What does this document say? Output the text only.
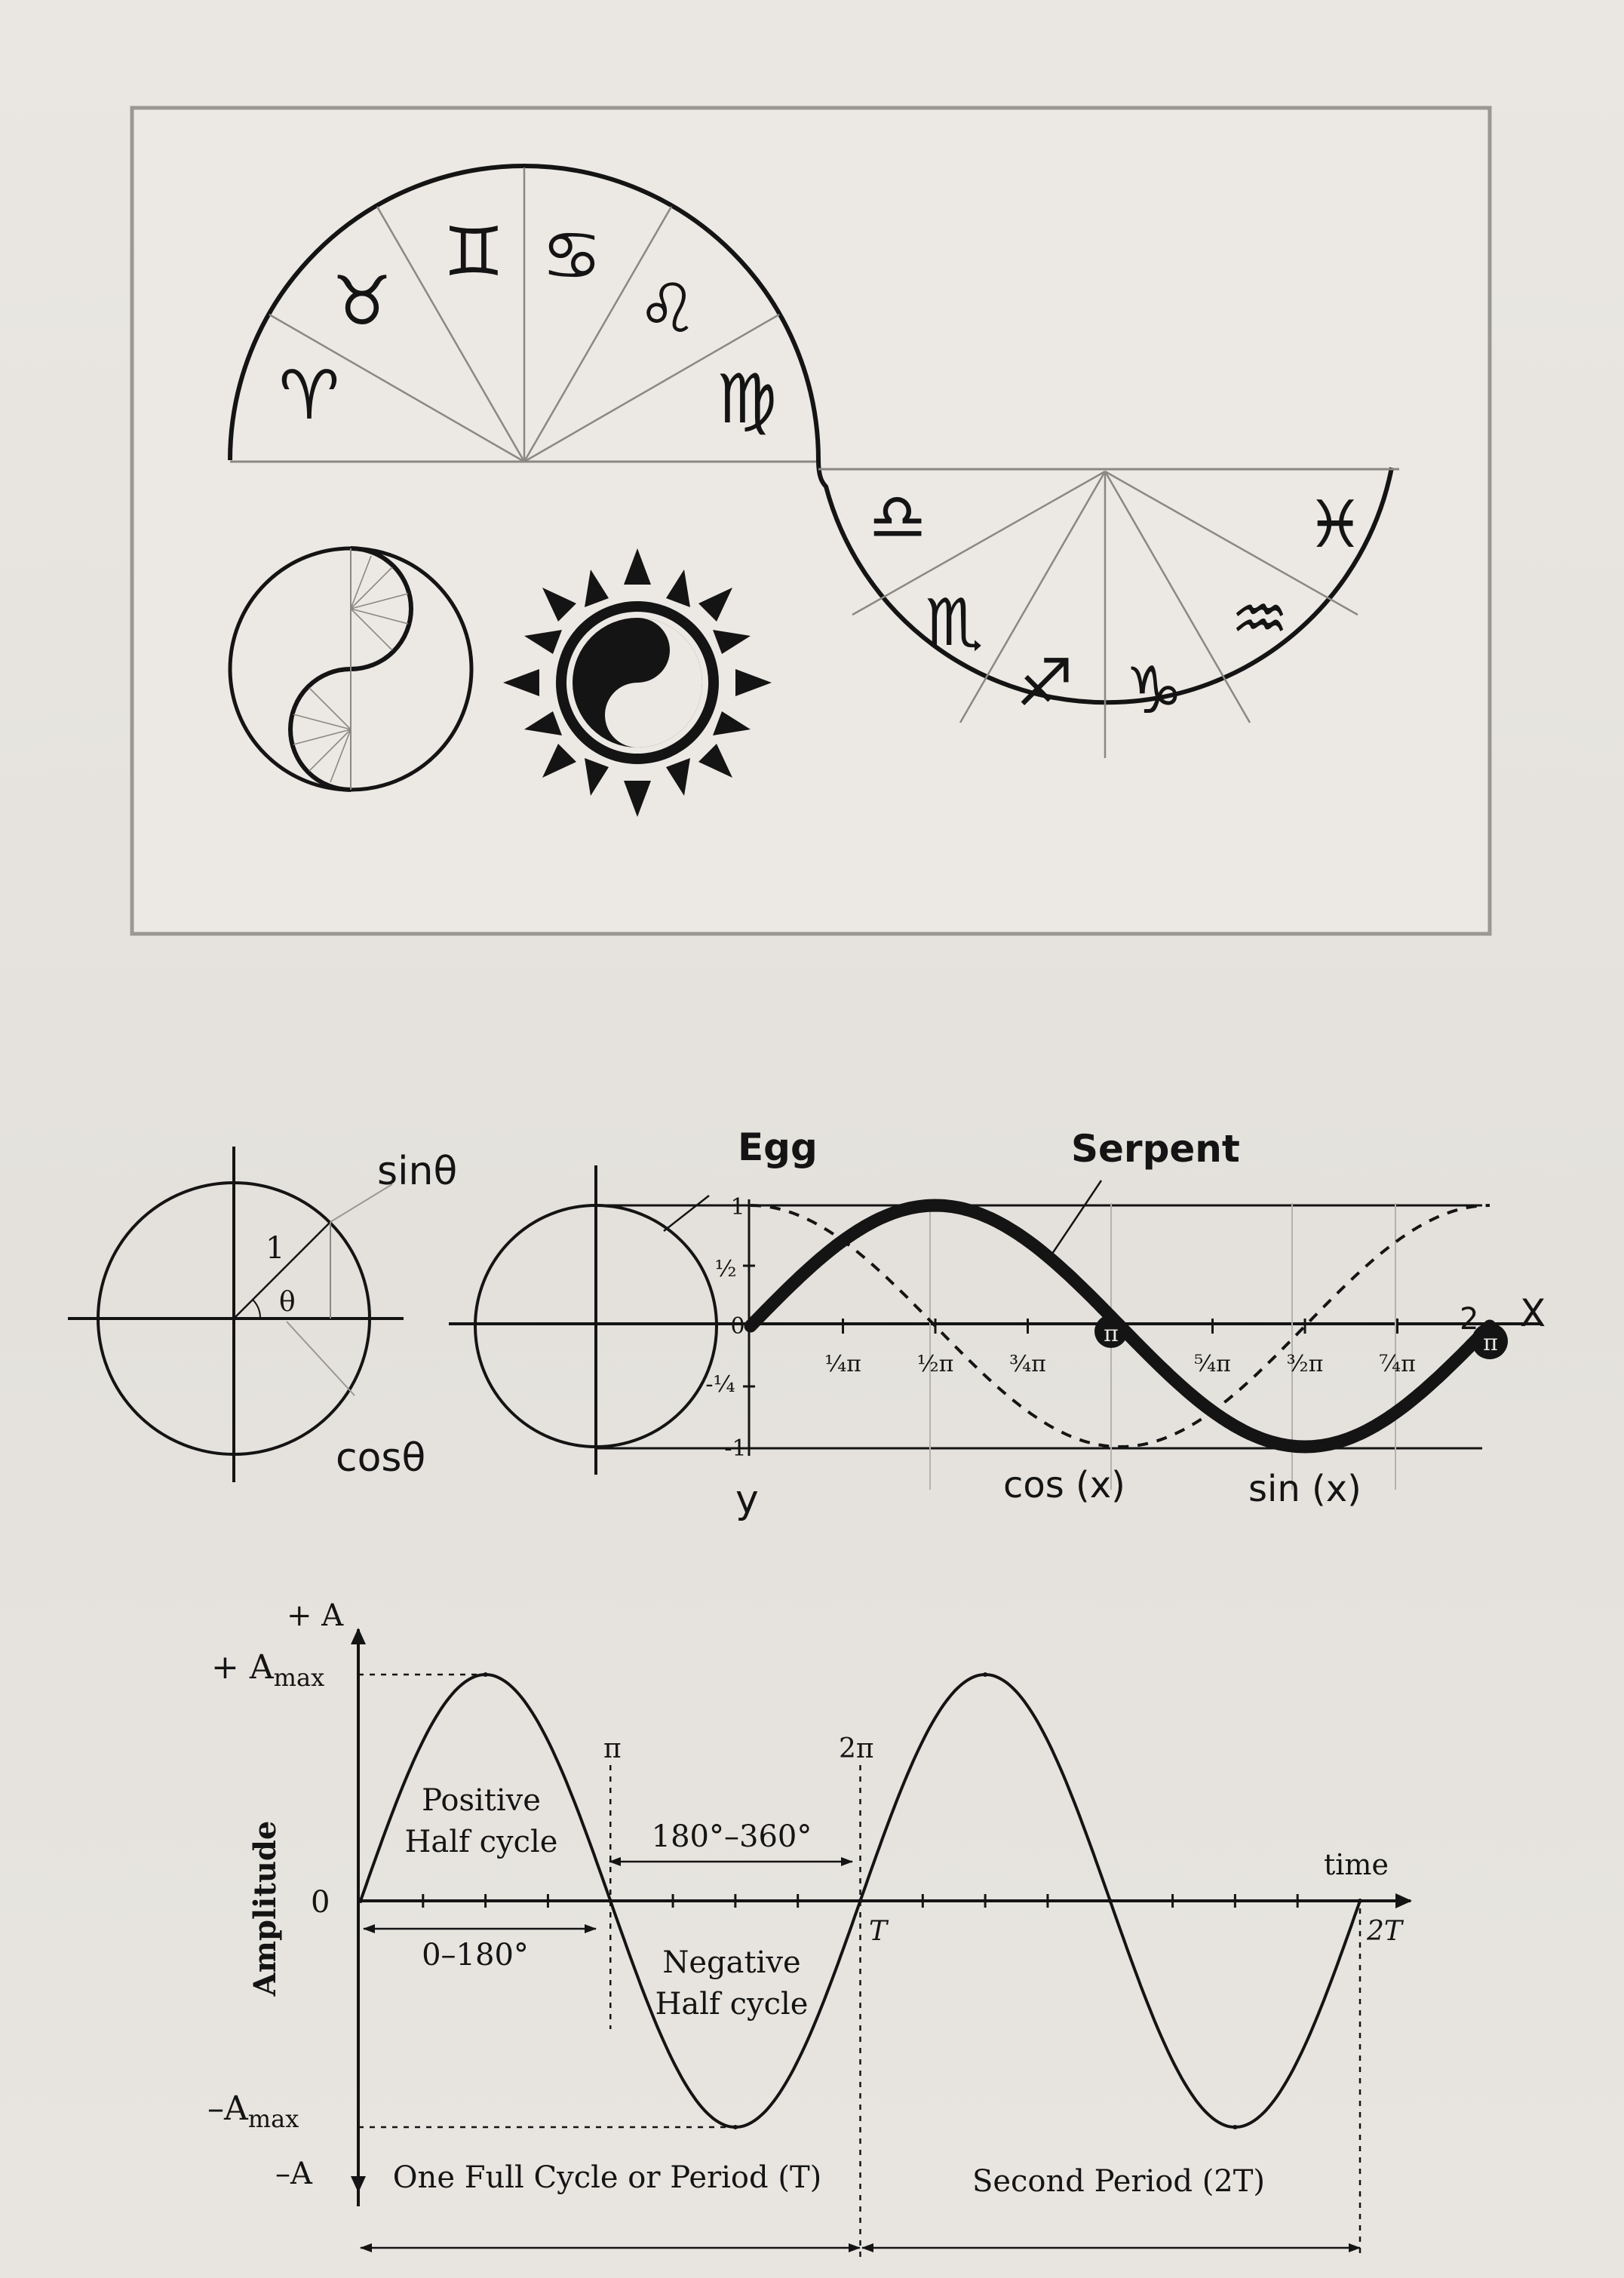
♈
♉
♊ ♋
♌
♍
♎
♏
♐ ♑
♒
♓
sinθ
cosθ
1
θ
π	π
2 X
y
Egg	Serpent
1
½
0
-¼
-1
¼π ½π ¾π	⁵⁄₄π ³⁄₂π ⁷⁄₄π
cos (x)	sin (x)
+ A
+ $A_{max}$
$-A_{max}$
–A
0
Amplitude	time
π	2π
T	2T
Positive
Half cycle
Negative
Half cycle
0–180°
180°–360°
One Full Cycle or Period (T)	Second Period (2T)
